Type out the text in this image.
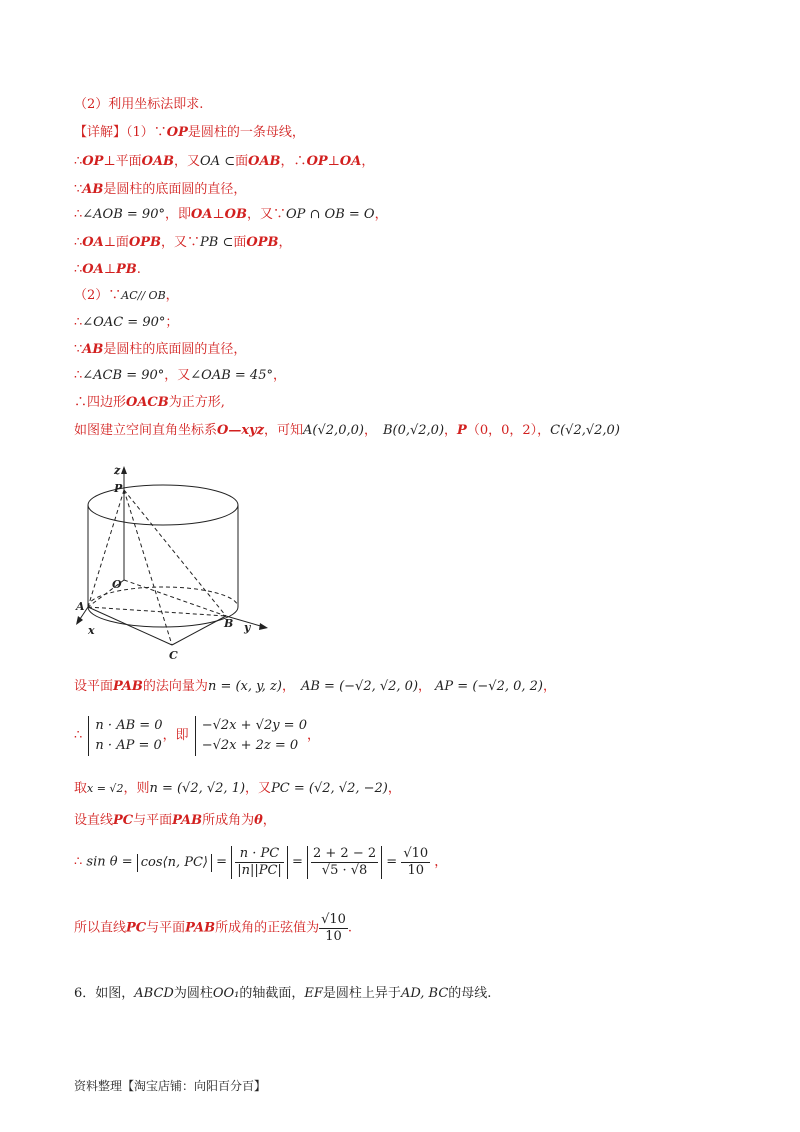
（2）利用坐标法即求.
【详解】（1）∵OP是圆柱的一条母线，
∴OP⊥平面OAB，又OA ⊂面OAB，∴OP⊥OA，
∵AB是圆柱的底面圆的直径，
∴∠AOB = 90°，即OA⊥OB，又∵OP ∩ OB = O，
∴OA⊥面OPB，又∵PB ⊂面OPB，
∴OA⊥PB.
（2）∵AC// OB，
∴∠OAC = 90°；
∵AB是圆柱的底面圆的直径，
∴∠ACB = 90°，又∠OAB = 45°，
∴四边形OACB为正方形,
如图建立空间直角坐标系O—xyz，可知A(√2,0,0)， B(0,√2,0)，P（0，0，2），C(√2,√2,0)
z
P
O
A
x
B y
C
设平面PAB的法向量为n = (x, y, z)， AB = (−√2, √2, 0)， AP = (−√2, 0, 2)，
∴
n · AB = 0
n · AP = 0
，即
−√2x + √2y = 0
−√2x + 2z = 0
，
取x = √2，则n = (√2, √2, 1)，又PC = (√2, √2, −2)，
设直线PC与平面PAB所成角为θ，
∴ sin θ = cos⟨n, PC⟩ = $\frac{n \cdot PC}{|n||PC|} = \frac{2 + 2 - 2}{√5 \cdot √8} = \frac{√10}{10}$ ，
所以直线PC与平面PAB所成角的正弦值为 $\frac{√10}{10}$ .
6．如图，ABCD为圆柱OO₁的轴截面，EF是圆柱上异于AD, BC的母线.
资料整理【淘宝店铺：向阳百分百】
